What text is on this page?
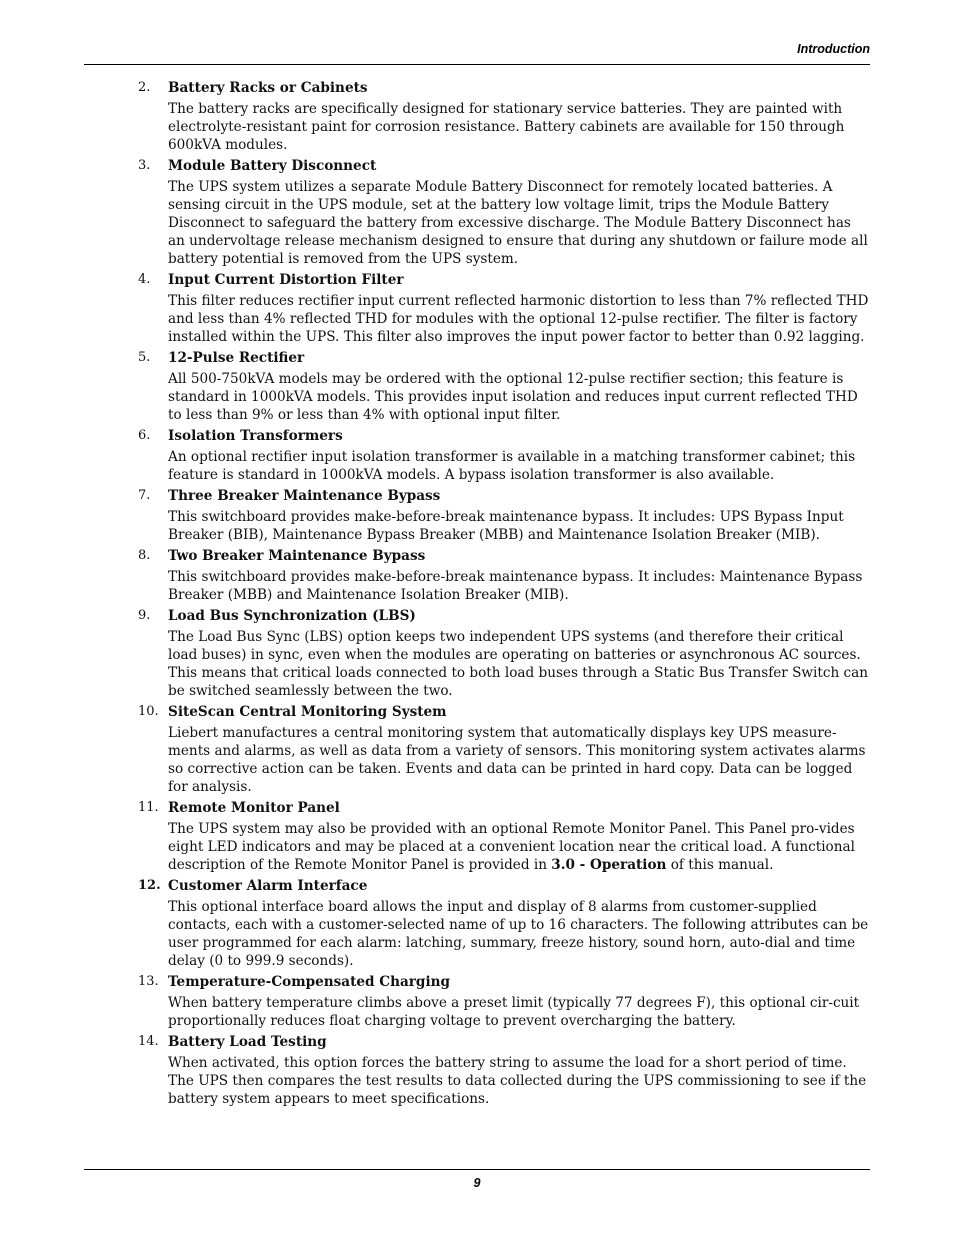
Introduction
2.	Battery Racks or Cabinets

The battery racks are specifically designed for stationary service batteries. They are painted with electrolyte-resistant paint for corrosion resistance. Battery cabinets are available for 150 through 600kVA modules.

3.	Module Battery Disconnect

The UPS system utilizes a separate Module Battery Disconnect for remotely located batteries. A sensing circuit in the UPS module, set at the battery low voltage limit, trips the Module Battery Disconnect to safeguard the battery from excessive discharge. The Module Battery Disconnect has an undervoltage release mechanism designed to ensure that during any shutdown or failure mode all battery potential is removed from the UPS system.

4.	Input Current Distortion Filter

This filter reduces rectifier input current reflected harmonic distortion to less than 7% reflected THD and less than 4% reflected THD for modules with the optional 12-pulse rectifier. The filter is factory installed within the UPS. This filter also improves the input power factor to better than 0.92 lagging.

5.	12-Pulse Rectifier

All 500-750kVA models may be ordered with the optional 12-pulse rectifier section; this feature is standard in 1000kVA models. This provides input isolation and reduces input current reflected THD to less than 9% or less than 4% with optional input filter.

6.	Isolation Transformers

An optional rectifier input isolation transformer is available in a matching transformer cabinet; this feature is standard in 1000kVA models. A bypass isolation transformer is also available.

7.	Three Breaker Maintenance Bypass

This switchboard provides make-before-break maintenance bypass. It includes: UPS Bypass Input Breaker (BIB), Maintenance Bypass Breaker (MBB) and Maintenance Isolation Breaker (MIB).

8.	Two Breaker Maintenance Bypass

This switchboard provides make-before-break maintenance bypass. It includes: Maintenance Bypass Breaker (MBB) and Maintenance Isolation Breaker (MIB).

9.	Load Bus Synchronization (LBS)

The Load Bus Sync (LBS) option keeps two independent UPS systems (and therefore their critical load buses) in sync, even when the modules are operating on batteries or asynchronous AC sources. This means that critical loads connected to both load buses through a Static Bus Transfer Switch can be switched seamlessly between the two.

10. SiteScan Central Monitoring System

Liebert manufactures a central monitoring system that automatically displays key UPS measure-ments and alarms, as well as data from a variety of sensors. This monitoring system activates alarms so corrective action can be taken. Events and data can be printed in hard copy. Data can be logged for analysis.

11. Remote Monitor Panel

The UPS system may also be provided with an optional Remote Monitor Panel. This Panel pro-vides eight LED indicators and may be placed at a convenient location near the critical load. A functional description of the Remote Monitor Panel is provided in 3.0 - Operation of this manual.

12. Customer Alarm Interface

This optional interface board allows the input and display of 8 alarms from customer-supplied contacts, each with a customer-selected name of up to 16 characters. The following attributes can be user programmed for each alarm: latching, summary, freeze history, sound horn, auto-dial and time delay (0 to 999.9 seconds).

13. Temperature-Compensated Charging

When battery temperature climbs above a preset limit (typically 77 degrees F), this optional cir-cuit proportionally reduces float charging voltage to prevent overcharging the battery.

14. Battery Load Testing

When activated, this option forces the battery string to assume the load for a short period of time. The UPS then compares the test results to data collected during the UPS commissioning to see if the battery system appears to meet specifications.

9
